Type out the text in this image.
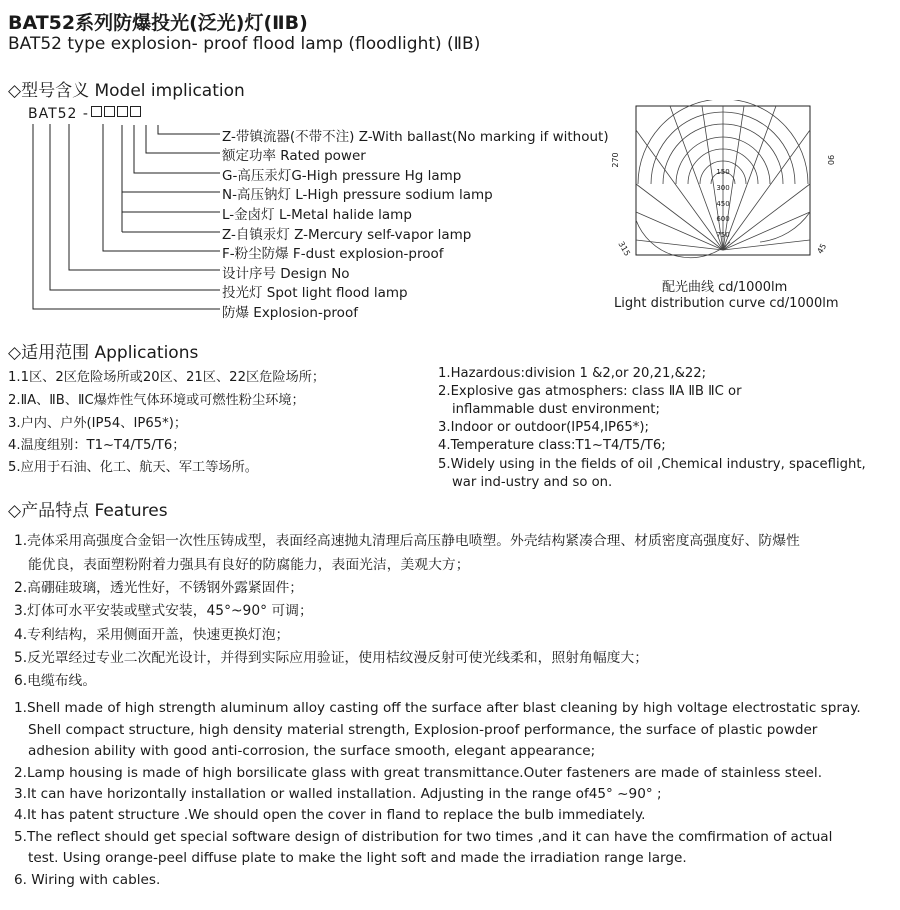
BAT52系列防爆投光(泛光)灯(ⅡB)
BAT52 type explosion- proof flood lamp (floodlight) (ⅡB)
◇型号含义 Model implication
BAT52 -
Z-带镇流器(不带不注) Z-With ballast(No marking if without)
额定功率 Rated power
G-高压汞灯G-High pressure Hg lamp
N-高压钠灯 L-High pressure sodium lamp
L-金卤灯 L-Metal halide lamp
Z-自镇汞灯 Z-Mercury self-vapor lamp
F-粉尘防爆 F-dust explosion-proof
设计序号 Design No
投光灯 Spot light flood lamp
防爆 Explosion-proof
150
300
450
600
750
270	90
315	45
配光曲线 cd/1000lm
Light distribution curve cd/1000lm
◇适用范围 Applications
1.1区、2区危险场所或20区、21区、22区危险场所；
2.ⅡA、ⅡB、ⅡC爆炸性气体环境或可燃性粉尘环境；
3.户内、户外(IP54、IP65*)；
4.温度组别：T1~T4/T5/T6；
5.应用于石油、化工、航天、军工等场所。
1.Hazardous:division 1 &2,or 20,21,&22;
2.Explosive gas atmosphers: class ⅡA ⅡB ⅡC or
inflammable dust environment;
3.Indoor or outdoor(IP54,IP65*);
4.Temperature class:T1~T4/T5/T6;
5.Widely using in the fields of oil ,Chemical industry, spaceflight,
war ind-ustry and so on.
◇产品特点 Features
1.壳体采用高强度合金铝一次性压铸成型，表面经高速抛丸清理后高压静电喷塑。外壳结构紧凑合理、材质密度高强度好、防爆性
能优良，表面塑粉附着力强具有良好的防腐能力，表面光洁，美观大方；
2.高硼硅玻璃，透光性好，不锈钢外露紧固件；
3.灯体可水平安装或壁式安装，45°~90° 可调；
4.专利结构，采用侧面开盖，快速更换灯泡；
5.反光罩经过专业二次配光设计，并得到实际应用验证，使用桔纹漫反射可使光线柔和，照射角幅度大；
6.电缆布线。
1.Shell made of high strength aluminum alloy casting off the surface after blast cleaning by high voltage electrostatic spray.
Shell compact structure, high density material strength, Explosion-proof performance, the surface of plastic powder
adhesion ability with good anti-corrosion, the surface smooth, elegant appearance;
2.Lamp housing is made of high borsilicate glass with great transmittance.Outer fasteners are made of stainless steel.
3.It can have horizontally installation or walled installation. Adjusting in the range of45° ~90° ;
4.It has patent structure .We should open the cover in fland to replace the bulb immediately.
5.The reflect should get special software design of distribution for two times ,and it can have the comfirmation of actual
test. Using orange-peel diffuse plate to make the light soft and made the irradiation range large.
6. Wiring with cables.
